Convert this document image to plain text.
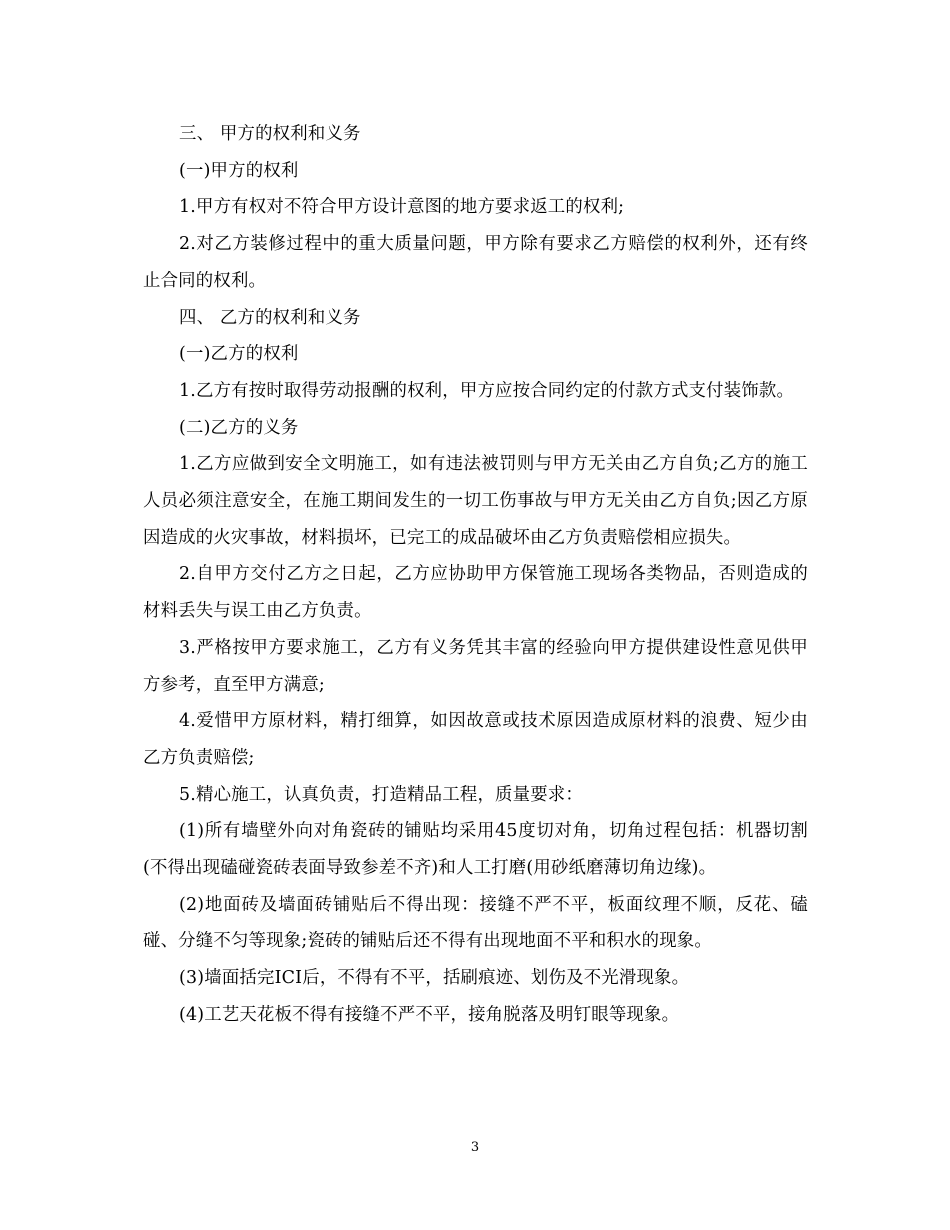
三、 甲方的权利和义务

(一)甲方的权利

1.甲方有权对不符合甲方设计意图的地方要求返工的权利;

2.对乙方装修过程中的重大质量问题，甲方除有要求乙方赔偿的权利外，还有终止合同的权利。

四、 乙方的权利和义务

(一)乙方的权利

1.乙方有按时取得劳动报酬的权利，甲方应按合同约定的付款方式支付装饰款。

(二)乙方的义务

1.乙方应做到安全文明施工，如有违法被罚则与甲方无关由乙方自负;乙方的施工人员必须注意安全，在施工期间发生的一切工伤事故与甲方无关由乙方自负;因乙方原因造成的火灾事故，材料损坏，已完工的成品破坏由乙方负责赔偿相应损失。

2.自甲方交付乙方之日起，乙方应协助甲方保管施工现场各类物品，否则造成的材料丢失与误工由乙方负责。

3.严格按甲方要求施工，乙方有义务凭其丰富的经验向甲方提供建设性意见供甲方参考，直至甲方满意;

4.爱惜甲方原材料，精打细算，如因故意或技术原因造成原材料的浪费、短少由乙方负责赔偿;

5.精心施工，认真负责，打造精品工程，质量要求：

(1)所有墙壁外向对角瓷砖的铺贴均采用45度切对角，切角过程包括：机器切割(不得出现磕碰瓷砖表面导致参差不齐)和人工打磨(用砂纸磨薄切角边缘)。

(2)地面砖及墙面砖铺贴后不得出现：接缝不严不平，板面纹理不顺，反花、磕碰、分缝不匀等现象;瓷砖的铺贴后还不得有出现地面不平和积水的现象。

(3)墙面括完ICI后，不得有不平，括刷痕迹、划伤及不光滑现象。

(4)工艺天花板不得有接缝不严不平，接角脱落及明钉眼等现象。

3
